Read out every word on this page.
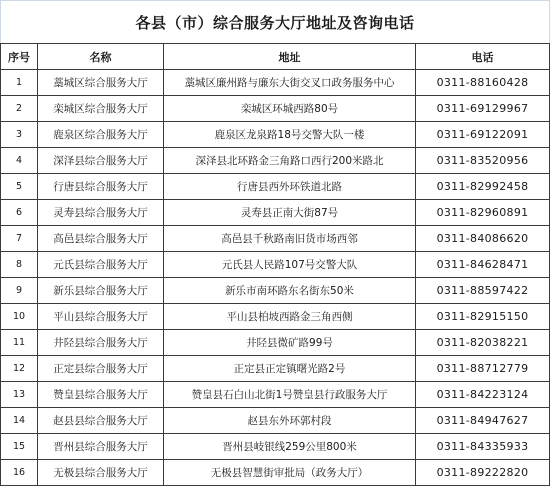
各县（市）综合服务大厅地址及咨询电话
序号	名称	地址	电话
1	藁城区综合服务大厅	藁城区廉州路与廉东大街交叉口政务服务中心	0311-88160428
2	栾城区综合服务大厅	栾城区环城西路80号	0311-69129967
3	鹿泉区综合服务大厅	鹿泉区龙泉路18号交警大队一楼	0311-69122091
4	深泽县综合服务大厅	深泽县北环路金三角路口西行200米路北	0311-83520956
5	行唐县综合服务大厅	行唐县西外环铁道北路	0311-82992458
6	灵寿县综合服务大厅	灵寿县正南大街87号	0311-82960891
7	高邑县综合服务大厅	高邑县千秋路南旧货市场西邻	0311-84086620
8	元氏县综合服务大厅	元氏县人民路107号交警大队	0311-84628471
9	新乐县综合服务大厅	新乐市南环路东名街东50米	0311-88597422
10	平山县综合服务大厅	平山县柏坡西路金三角西侧	0311-82915150
11	井陉县综合服务大厅	井陉县微矿路99号	0311-82038221
12	正定县综合服务大厅	正定县正定镇曙光路2号	0311-88712779
13	赞皇县综合服务大厅	赞皇县石白山北街1号赞皇县行政服务大厅	0311-84223124
14	赵县县综合服务大厅	赵县东外环郭村段	0311-84947627
15	晋州县综合服务大厅	晋州县岐银线259公里800米	0311-84335933
16	无极县综合服务大厅	无极县智慧街审批局（政务大厅）	0311-89222820
